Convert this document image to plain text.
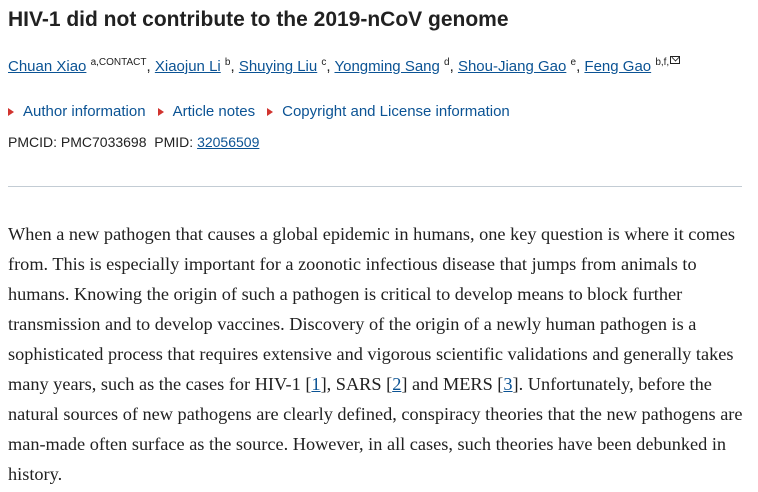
HIV-1 did not contribute to the 2019-nCoV genome
Chuan Xiao $^{a,CONTACT}$, Xiaojun Li $^b$, Shuying Liu $^c$, Yongming Sang $^d$, Shou-Jiang Gao $^e$, Feng Gao $^{b,f,}$
Author information Article notes Copyright and License information
PMCID: PMC7033698 PMID: 32056509

When a new pathogen that causes a global epidemic in humans, one key question is where it comes from. This is especially important for a zoonotic infectious disease that jumps from animals to humans. Knowing the origin of such a pathogen is critical to develop means to block further transmission and to develop vaccines. Discovery of the origin of a newly human pathogen is a sophisticated process that requires extensive and vigorous scientific validations and generally takes many years, such as the cases for HIV-1 [1], SARS [2] and MERS [3]. Unfortunately, before the natural sources of new pathogens are clearly defined, conspiracy theories that the new pathogens are man-made often surface as the source. However, in all cases, such theories have been debunked in history.
